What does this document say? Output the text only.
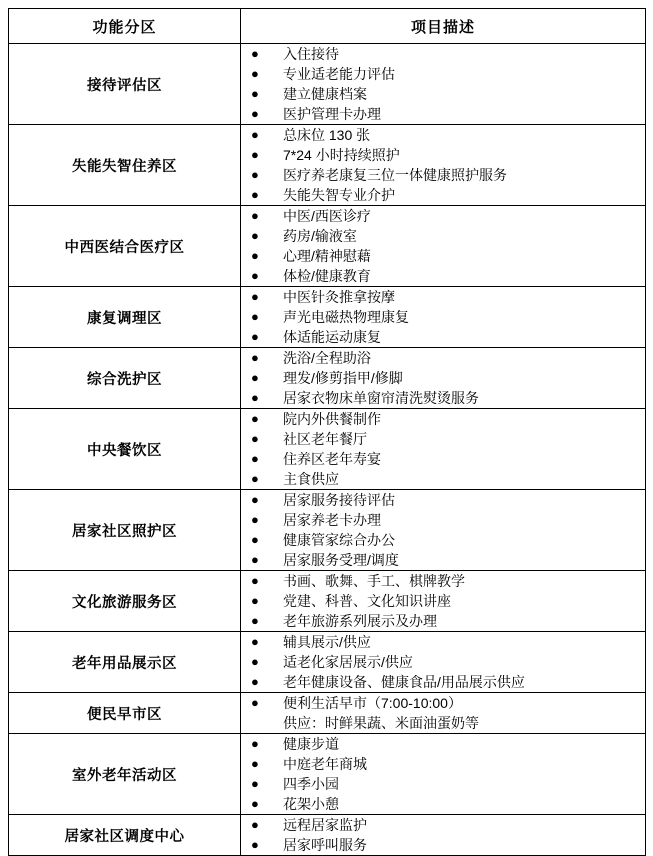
功能分区	项目描述
接待评估区	
●	入住接待
●	专业适老能力评估
●	建立健康档案
●	医护管理卡办理

失能失智住养区	
●	总床位 130 张
●	7*24 小时持续照护
●	医疗养老康复三位一体健康照护服务
●	失能失智专业介护

中西医结合医疗区	
●	中医/西医诊疗
●	药房/输液室
●	心理/精神慰藉
●	体检/健康教育

康复调理区	
●	中医针灸推拿按摩
●	声光电磁热物理康复
●	体适能运动康复

综合洗护区	
●	洗浴/全程助浴
●	理发/修剪指甲/修脚
●	居家衣物床单窗帘清洗熨烫服务

中央餐饮区	
●	院内外供餐制作
●	社区老年餐厅
●	住养区老年寿宴
●	主食供应

居家社区照护区	
●	居家服务接待评估
●	居家养老卡办理
●	健康管家综合办公
●	居家服务受理/调度

文化旅游服务区	
●	书画、歌舞、手工、棋牌教学
●	党建、科普、文化知识讲座
●	老年旅游系列展示及办理

老年用品展示区	
●	辅具展示/供应
●	适老化家居展示/供应
●	老年健康设备、健康食品/用品展示供应

便民早市区	
●	便利生活早市（7:00-10:00）
供应：时鲜果蔬、米面油蛋奶等

室外老年活动区	
●	健康步道
●	中庭老年商城
●	四季小园
●	花架小憩

居家社区调度中心	
●	远程居家监护
●	居家呼叫服务
